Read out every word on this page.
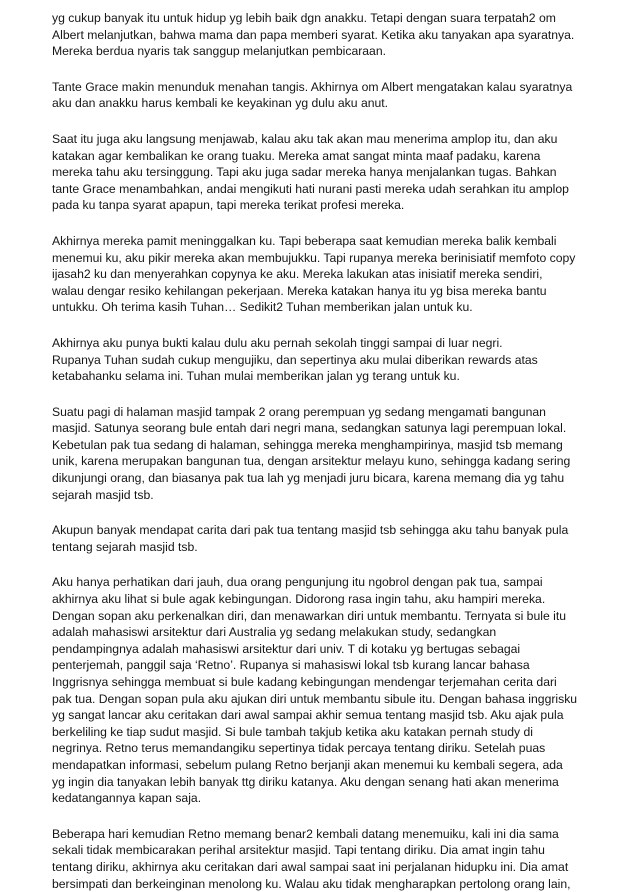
yg cukup banyak itu untuk hidup yg lebih baik dgn anakku. Tetapi dengan suara terpatah2 om
Albert melanjutkan, bahwa mama dan papa memberi syarat. Ketika aku tanyakan apa syaratnya.
Mereka berdua nyaris tak sanggup melanjutkan pembicaraan.

Tante Grace makin menunduk menahan tangis. Akhirnya om Albert mengatakan kalau syaratnya
aku dan anakku harus kembali ke keyakinan yg dulu aku anut.

Saat itu juga aku langsung menjawab, kalau aku tak akan mau menerima amplop itu, dan aku
katakan agar kembalikan ke orang tuaku. Mereka amat sangat minta maaf padaku, karena
mereka tahu aku tersinggung. Tapi aku juga sadar mereka hanya menjalankan tugas. Bahkan
tante Grace menambahkan, andai mengikuti hati nurani pasti mereka udah serahkan itu amplop
pada ku tanpa syarat apapun, tapi mereka terikat profesi mereka.

Akhirnya mereka pamit meninggalkan ku. Tapi beberapa saat kemudian mereka balik kembali
menemui ku, aku pikir mereka akan membujukku. Tapi rupanya mereka berinisiatif memfoto copy
ijasah2 ku dan menyerahkan copynya ke aku. Mereka lakukan atas inisiatif mereka sendiri,
walau dengar resiko kehilangan pekerjaan. Mereka katakan hanya itu yg bisa mereka bantu
untukku. Oh terima kasih Tuhan… Sedikit2 Tuhan memberikan jalan untuk ku.

Akhirnya aku punya bukti kalau dulu aku pernah sekolah tinggi sampai di luar negri.
Rupanya Tuhan sudah cukup mengujiku, dan sepertinya aku mulai diberikan rewards atas
ketabahanku selama ini. Tuhan mulai memberikan jalan yg terang untuk ku.

Suatu pagi di halaman masjid tampak 2 orang perempuan yg sedang mengamati bangunan
masjid. Satunya seorang bule entah dari negri mana, sedangkan satunya lagi perempuan lokal.
Kebetulan pak tua sedang di halaman, sehingga mereka menghampirinya, masjid tsb memang
unik, karena merupakan bangunan tua, dengan arsitektur melayu kuno, sehingga kadang sering
dikunjungi orang, dan biasanya pak tua lah yg menjadi juru bicara, karena memang dia yg tahu
sejarah masjid tsb.

Akupun banyak mendapat carita dari pak tua tentang masjid tsb sehingga aku tahu banyak pula
tentang sejarah masjid tsb.

Aku hanya perhatikan dari jauh, dua orang pengunjung itu ngobrol dengan pak tua, sampai
akhirnya aku lihat si bule agak kebingungan. Didorong rasa ingin tahu, aku hampiri mereka.
Dengan sopan aku perkenalkan diri, dan menawarkan diri untuk membantu. Ternyata si bule itu
adalah mahasiswi arsitektur dari Australia yg sedang melakukan study, sedangkan
pendampingnya adalah mahasiswi arsitektur dari univ. T di kotaku yg bertugas sebagai
penterjemah, panggil saja ‘Retno’. Rupanya si mahasiswi lokal tsb kurang lancar bahasa
Inggrisnya sehingga membuat si bule kadang kebingungan mendengar terjemahan cerita dari
pak tua. Dengan sopan pula aku ajukan diri untuk membantu sibule itu. Dengan bahasa inggrisku
yg sangat lancar aku ceritakan dari awal sampai akhir semua tentang masjid tsb. Aku ajak pula
berkeliling ke tiap sudut masjid. Si bule tambah takjub ketika aku katakan pernah study di
negrinya. Retno terus memandangiku sepertinya tidak percaya tentang diriku. Setelah puas
mendapatkan informasi, sebelum pulang Retno berjanji akan menemui ku kembali segera, ada
yg ingin dia tanyakan lebih banyak ttg diriku katanya. Aku dengan senang hati akan menerima
kedatangannya kapan saja.

Beberapa hari kemudian Retno memang benar2 kembali datang menemuiku, kali ini dia sama
sekali tidak membicarakan perihal arsitektur masjid. Tapi tentang diriku. Dia amat ingin tahu
tentang diriku, akhirnya aku ceritakan dari awal sampai saat ini perjalanan hidupku ini. Dia amat
bersimpati dan berkeinginan menolong ku. Walau aku tidak mengharapkan pertolong orang lain,
